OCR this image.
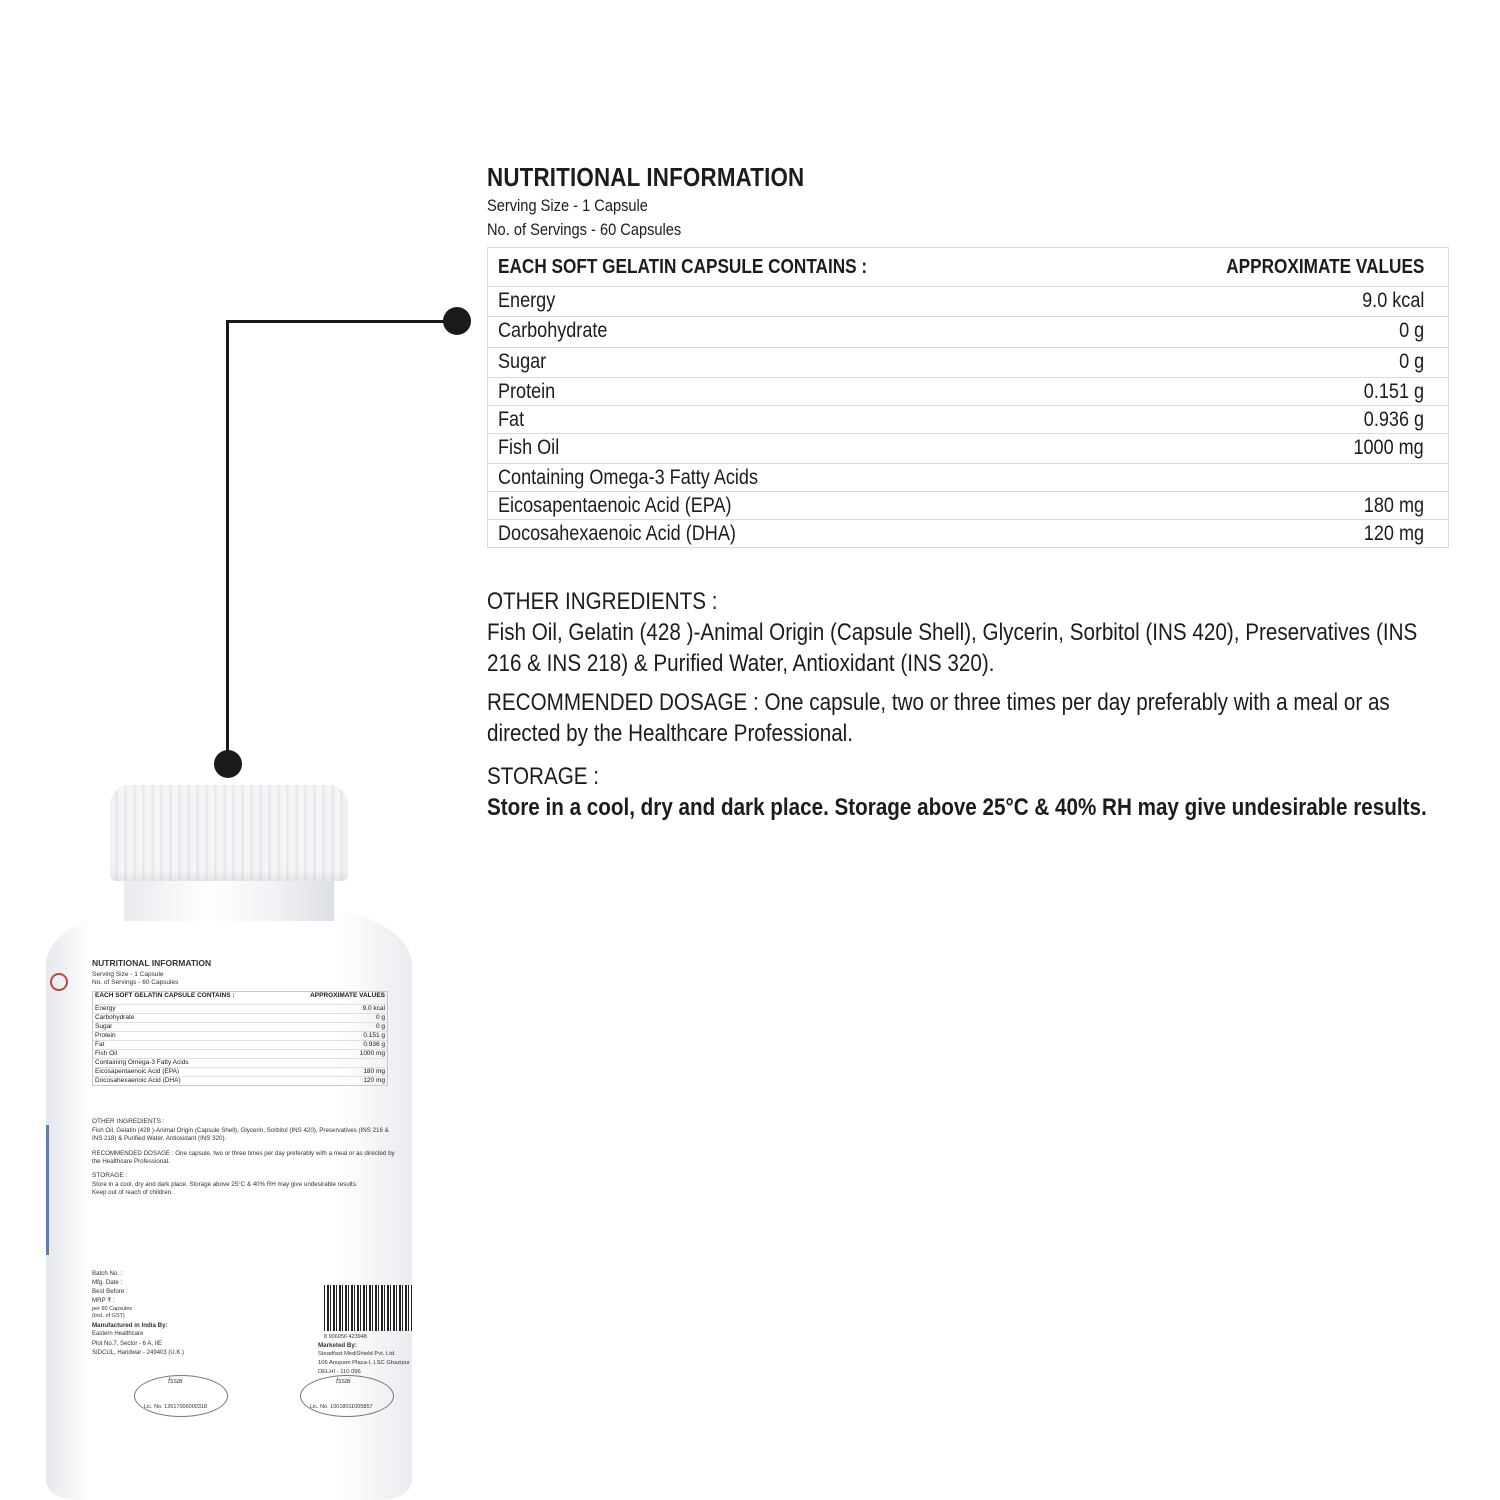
NUTRITIONAL INFORMATION
Serving Size - 1 Capsule
No. of Servings - 60 Capsules
EACH SOFT GELATIN CAPSULE CONTAINS :	APPROXIMATE VALUES
Energy	9.0 kcal
Carbohydrate	0 g
Sugar	0 g
Protein	0.151 g
Fat	0.936 g
Fish Oil	1000 mg
Containing Omega-3 Fatty Acids
Eicosapentaenoic Acid (EPA)	180 mg
Docosahexaenoic Acid (DHA)	120 mg
OTHER INGREDIENTS :
Fish Oil, Gelatin (428 )-Animal Origin (Capsule Shell), Glycerin, Sorbitol (INS 420), Preservatives (INS 216 & INS 218) & Purified Water, Antioxidant (INS 320).
RECOMMENDED DOSAGE : One capsule, two or three times per day preferably with a meal or as directed by the Healthcare Professional.
STORAGE :
Store in a cool, dry and dark place. Storage above 25°C & 40% RH may give undesirable results.
NUTRITIONAL INFORMATION
Serving Size - 1 Capsule
No. of Servings - 60 Capsules
EACH SOFT GELATIN CAPSULE CONTAINS :	APPROXIMATE VALUES
Energy	9.0 kcal
Carbohydrate	0 g
Sugar	0 g
Protein	0.151 g
Fat	0.936 g
Fish Oil	1000 mg
Containing Omega-3 Fatty Acids
Eicosapentaenoic Acid (EPA)	180 mg
Docosahexaenoic Acid (DHA)	120 mg
OTHER INGREDIENTS :
Fish Oil, Gelatin (428 )-Animal Origin (Capsule Shell), Glycerin, Sorbitol (INS 420), Preservatives (INS 216 &
INS 218) & Purified Water, Antioxidant (INS 320).
RECOMMENDED DOSAGE : One capsule, two or three times per day preferably with a meal or as directed by
the Healthcare Professional.
STORAGE :
Store in a cool, dry and dark place. Storage above 25°C & 40% RH may give undesirable results.
Keep out of reach of children.
Batch No. :
Mfg. Date :
Best Before :
MRP ₹ :
per 60 Capsules
(Incl. of GST)
Manufactured in India By:
Eastern Healthcare
Plot No.7, Sector - 6 A, IIE
SIDCUL, Haridwar - 249403 (U.K.)
8 906056 423948
Marketed By:
Steadfast MediShield Pvt. Ltd.
106 Anupam Plaza-I, LSC Ghazipur
DELHI - 110 096
fssai
Lic. No. 12617006000318
fssai
Lic. No. 10018011005857
